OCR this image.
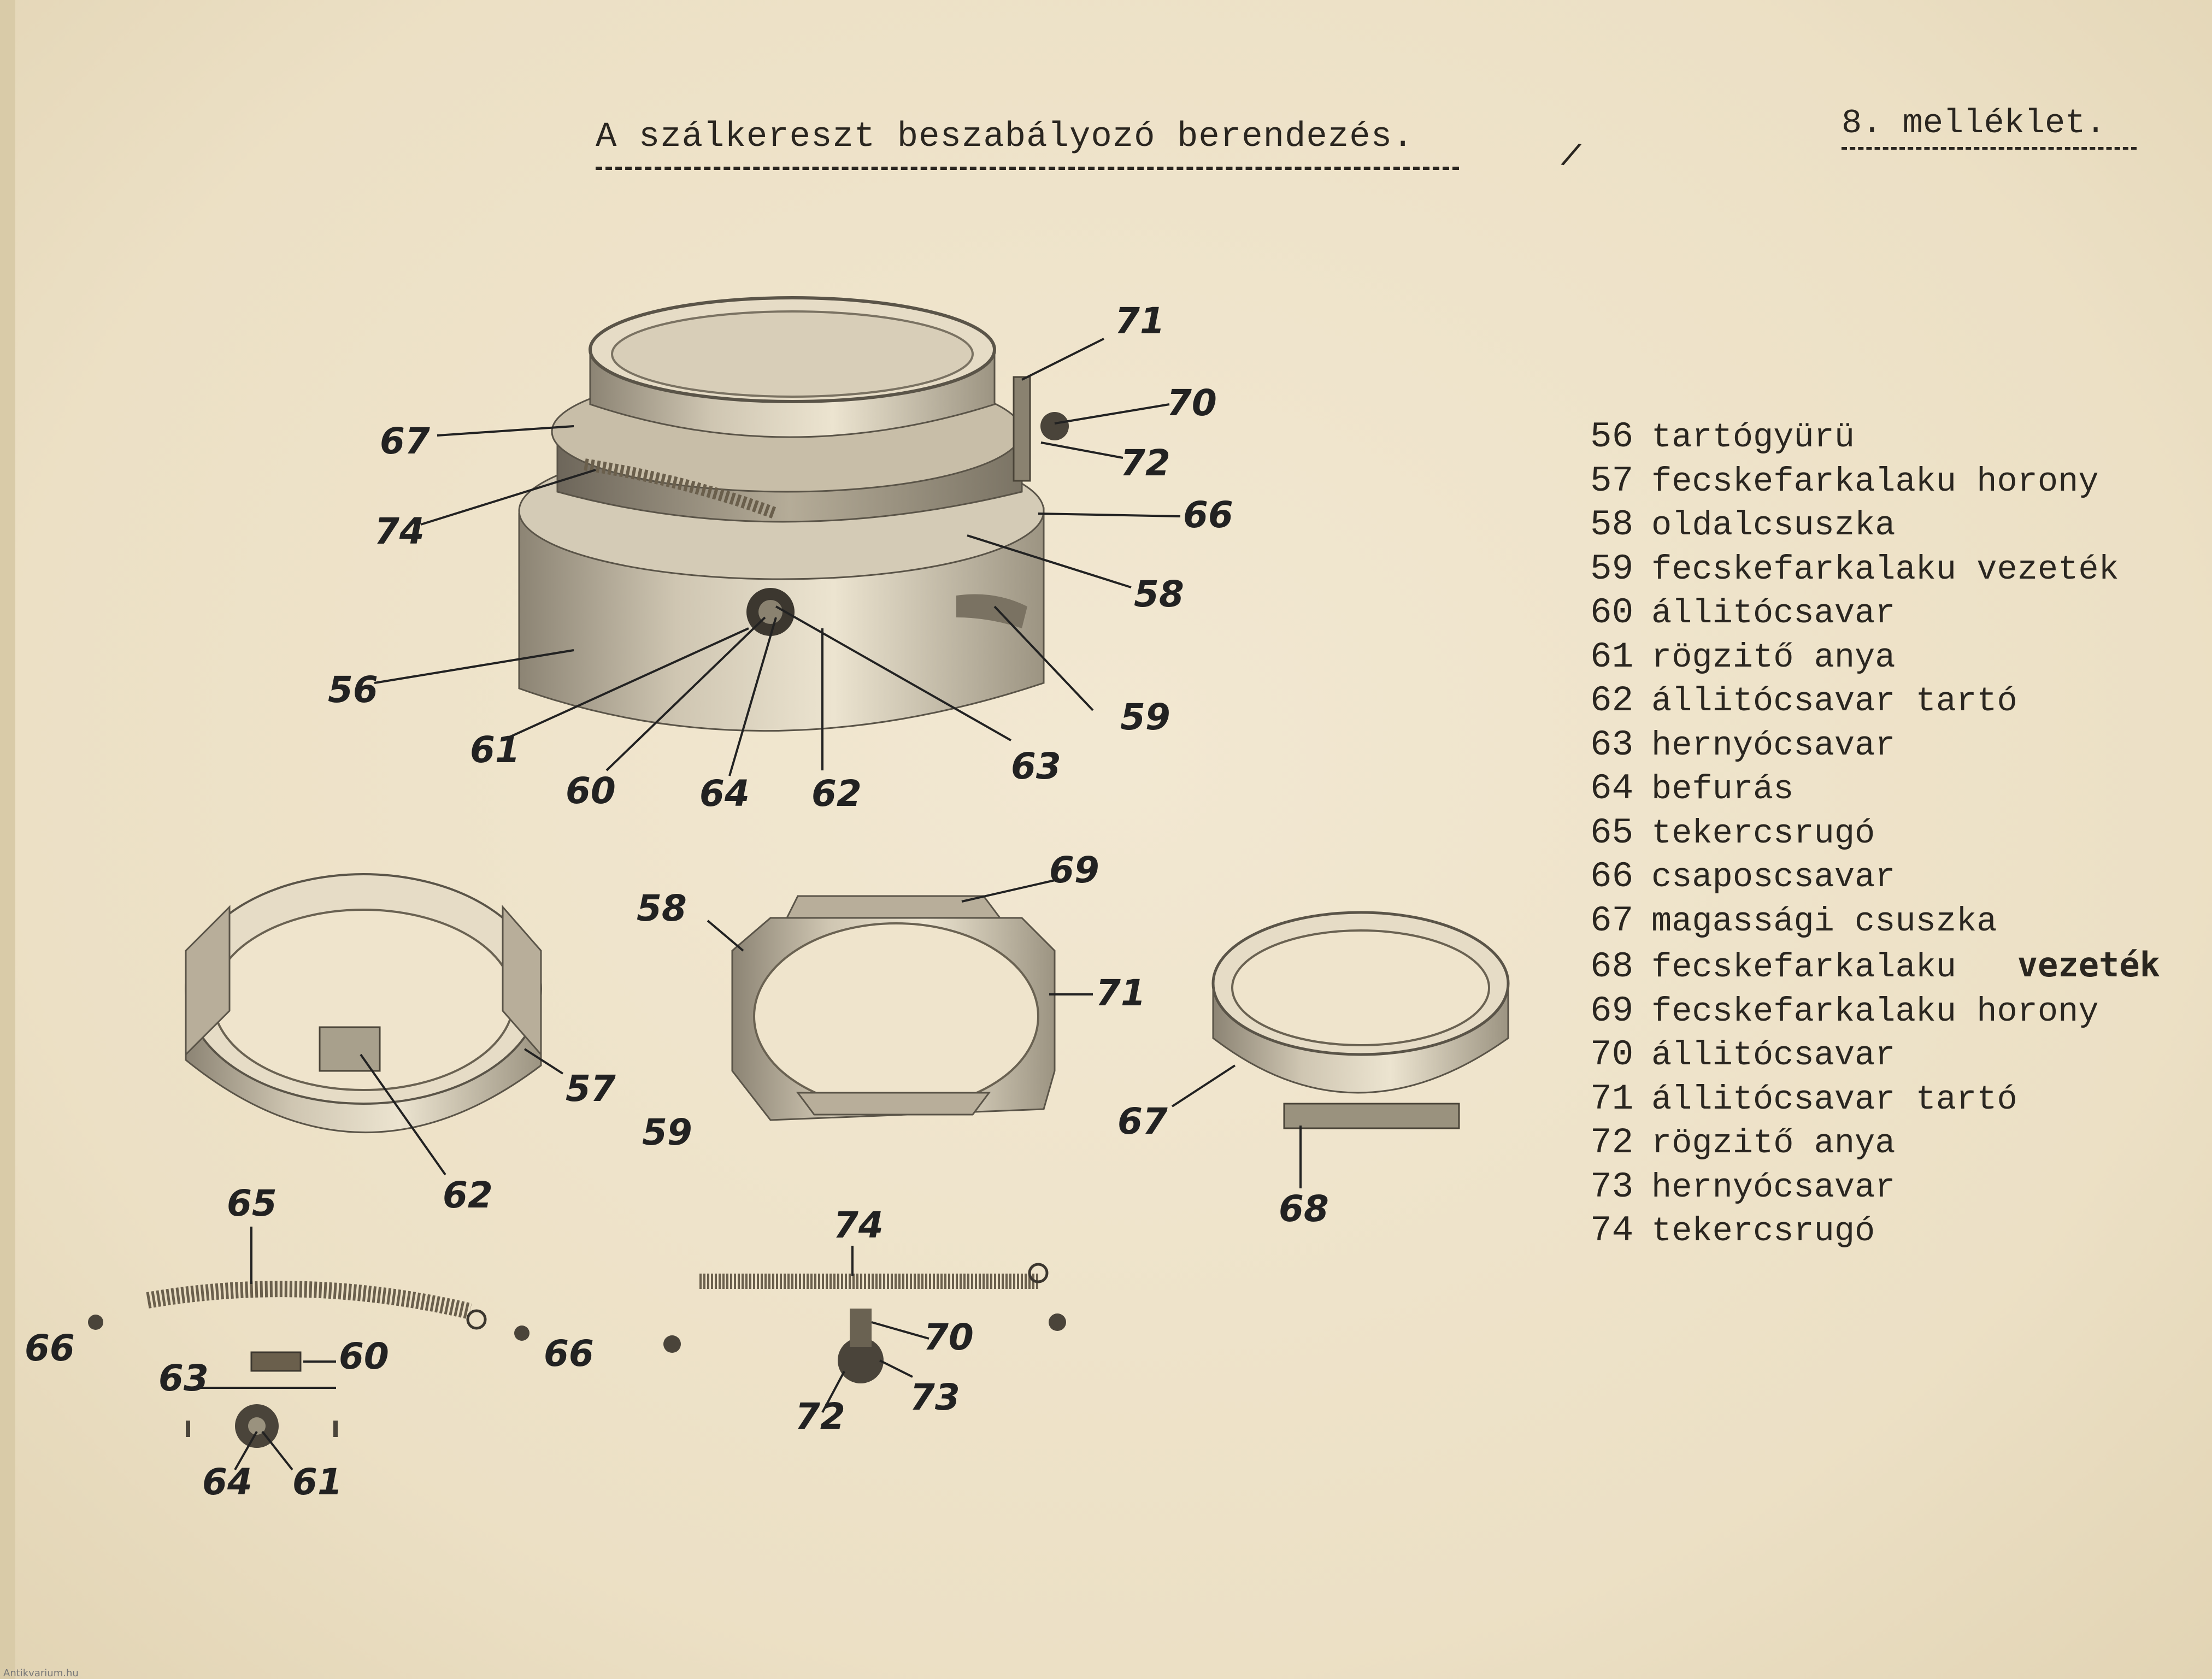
A szálkereszt beszabályozó berendezés.	8. melléklet.
/
56 tartógyürü
57 fecskefarkalaku horony
58 oldalcsuszka
59 fecskefarkalaku vezeték
60 állitócsavar
61 rögzitő anya
62 állitócsavar tartó
63 hernyócsavar
64 befurás
65 tekercsrugó
66 csaposcsavar
67 magassági csuszka
68 fecskefarkalaku vezeték
69 fecskefarkalaku horony
70 állitócsavar
71 állitócsavar tartó
72 rögzitő anya
73 hernyócsavar
74 tekercsrugó
71
70
72
66
58
59
67
74
56
61
60 64 62
63
69
58
71
57
59	67
62	68
65
74
66	60	66	70
63	73
72
64 61
Antikvarium.hu
